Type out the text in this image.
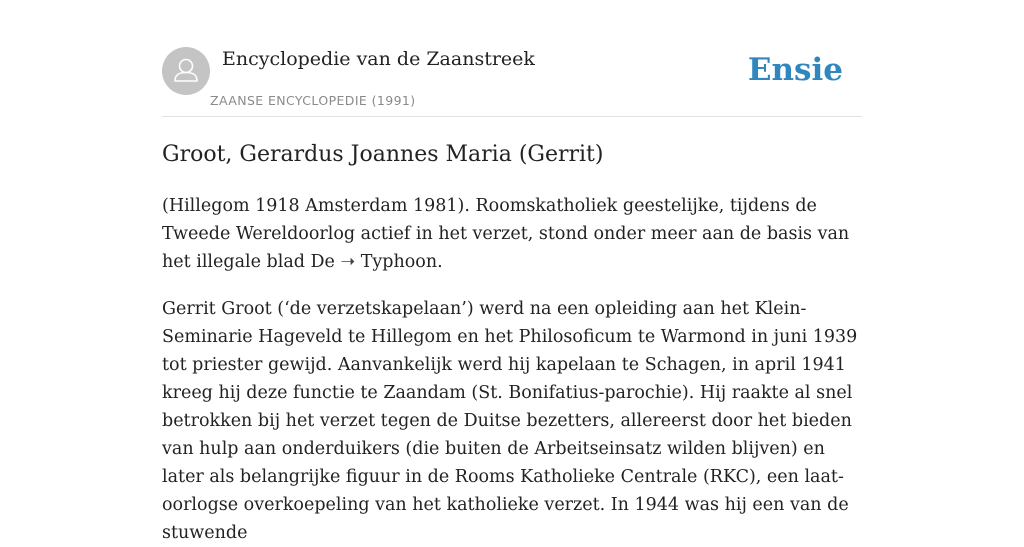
Encyclopedie van de Zaanstreek
ZAANSE ENCYCLOPEDIE (1991)
Ensie
Groot, Gerardus Joannes Maria (Gerrit)

(Hillegom 1918 Amsterdam 1981). Roomskatholiek geestelijke, tijdens de Tweede Wereldoorlog actief in het verzet, stond onder meer aan de basis van het illegale blad De ➝ Typhoon.

Gerrit Groot (‘de verzetskapelaan’) werd na een opleiding aan het Klein-Seminarie Hageveld te Hillegom en het Philosoficum te Warmond in juni 1939 tot priester gewijd. Aanvankelijk werd hij kapelaan te Schagen, in april 1941 kreeg hij deze functie te Zaandam (St. Bonifatius-parochie). Hij raakte al snel betrokken bij het verzet tegen de Duitse bezetters, allereerst door het bieden van hulp aan onderduikers (die buiten de Arbeitseinsatz wilden blijven) en later als belangrijke figuur in de Rooms Katholieke Centrale (RKC), een laat-oorlogse overkoepeling van het katholieke verzet. In 1944 was hij een van de stuwende
